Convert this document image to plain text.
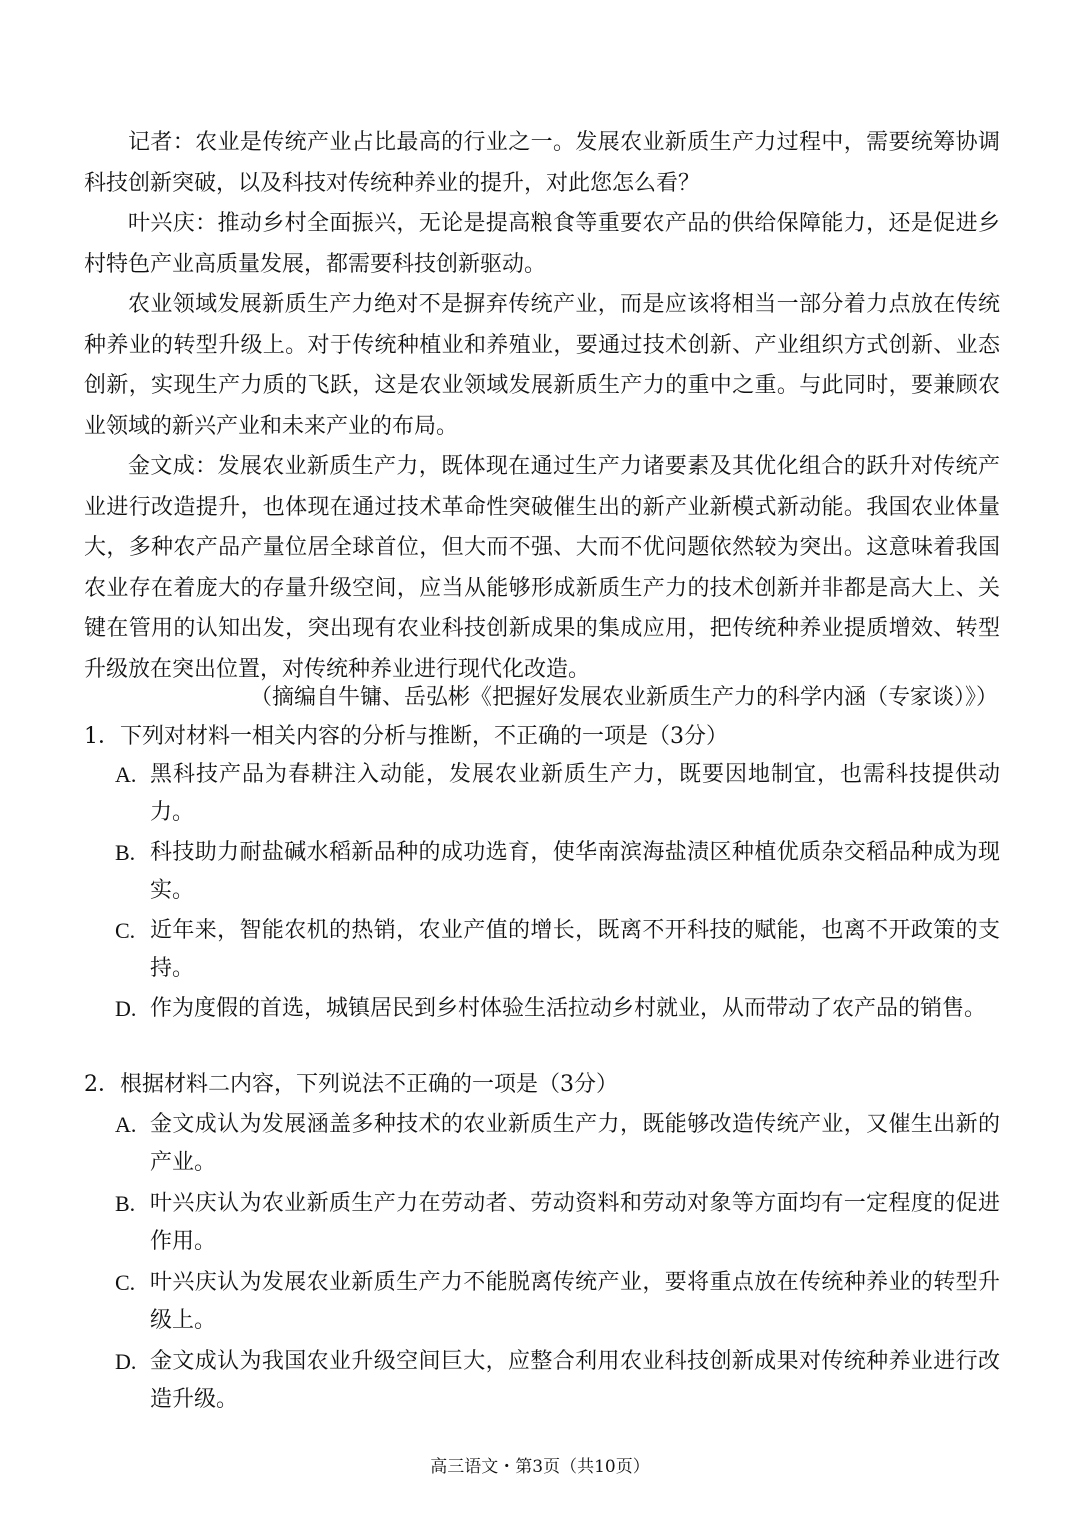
记者：农业是传统产业占比最高的行业之一。发展农业新质生产力过程中，需要统筹协调科技创新突破，以及科技对传统种养业的提升，对此您怎么看？

叶兴庆：推动乡村全面振兴，无论是提高粮食等重要农产品的供给保障能力，还是促进乡村特色产业高质量发展，都需要科技创新驱动。

农业领域发展新质生产力绝对不是摒弃传统产业，而是应该将相当一部分着力点放在传统种养业的转型升级上。对于传统种植业和养殖业，要通过技术创新、产业组织方式创新、业态创新，实现生产力质的飞跃，这是农业领域发展新质生产力的重中之重。与此同时，要兼顾农业领域的新兴产业和未来产业的布局。

金文成：发展农业新质生产力，既体现在通过生产力诸要素及其优化组合的跃升对传统产业进行改造提升，也体现在通过技术革命性突破催生出的新产业新模式新动能。我国农业体量大，多种农产品产量位居全球首位，但大而不强、大而不优问题依然较为突出。这意味着我国农业存在着庞大的存量升级空间，应当从能够形成新质生产力的技术创新并非都是高大上、关键在管用的认知出发，突出现有农业科技创新成果的集成应用，把传统种养业提质增效、转型升级放在突出位置，对传统种养业进行现代化改造。

（摘编自牛镛、岳弘彬《把握好发展农业新质生产力的科学内涵（专家谈）》）

1．下列对材料一相关内容的分析与推断，不正确的一项是（3分）

A. 黑科技产品为春耕注入动能，发展农业新质生产力，既要因地制宜，也需科技提供动力。
B. 科技助力耐盐碱水稻新品种的成功选育，使华南滨海盐渍区种植优质杂交稻品种成为现实。
C. 近年来，智能农机的热销，农业产值的增长，既离不开科技的赋能，也离不开政策的支持。
D. 作为度假的首选，城镇居民到乡村体验生活拉动乡村就业，从而带动了农产品的销售。

2．根据材料二内容，下列说法不正确的一项是（3分）

A. 金文成认为发展涵盖多种技术的农业新质生产力，既能够改造传统产业，又催生出新的产业。
B. 叶兴庆认为农业新质生产力在劳动者、劳动资料和劳动对象等方面均有一定程度的促进作用。
C. 叶兴庆认为发展农业新质生产力不能脱离传统产业，要将重点放在传统种养业的转型升级上。
D. 金文成认为我国农业升级空间巨大，应整合利用农业科技创新成果对传统种养业进行改造升级。

高三语文・第3页（共10页）
